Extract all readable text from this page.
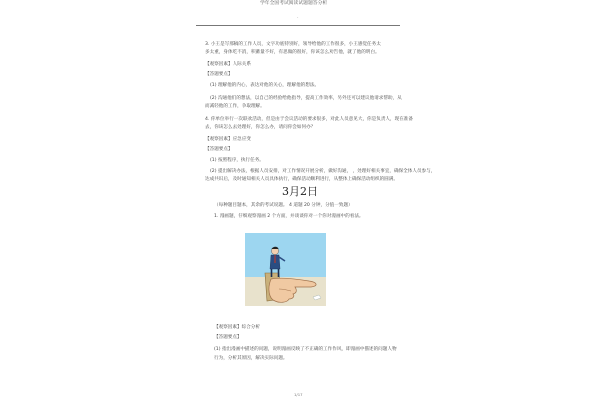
学年全国考试阅读试题题答分析
·
3. 小王是写那稿的工作人员，文字功底特别好，领导给他的工作很多，小王感觉任务太
多太重，身体吃不消，积蓄量不好，有思做的很好，你该怎么劝告他，就了他的明白。
【观察因素】人际关系
【答题要点】
(1) 理解他的内心，表达对他的关心，理解他的想法。
(2) 沟通他们的想法，以自己的经验给他指导，提高工作效率，另外还可以建议他请求帮助，从
而减轻他的工作，争取理解。
4. 你单位举行一次联欢活动，但是由于会议活动的要求很多，对此人员意见大，你是负责人，现在准备
去，你该怎么去处理好，你怎么办，请问你会如何办？
【观察因素】应急应变
【答题要点】
(1) 按照程序，执行任务。
(2) 提出解决办法，根据人员安排，对工作情况开展分析，做好沟通， ，处理好相关事宜，确保全体人员参与，
达成共识后，及时通知相关人员具体执行，确保活动顺利进行，从整体上确保活动组织的圆满。
3月2日
（每种题目题本，其余的考试说题。 4 道题 20 分钟，分值一致题）
1. 漫画题，仔细观察漫画 2 个方面，并谈谈你对一个你对漫画中的看法。
【观察因素】综合分析
【答题要点】
(1) 指出漫画中描述的问题，说明漫画反映了不正确的工作作风，即漫画中描述的问题人物
行为，分析其原因，解决实际问题。
1/17
